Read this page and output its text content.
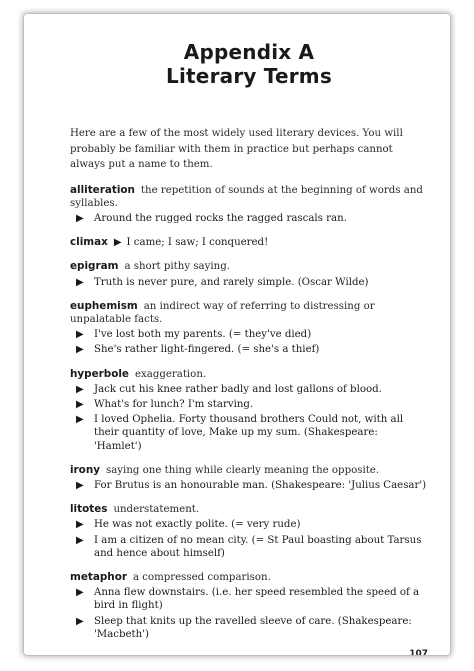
Appendix A
Literary Terms

Here are a few of the most widely used literary devices. You will probably be familiar with them in practice but perhaps cannot always put a name to them.

alliteration the repetition of sounds at the beginning of words and syllables.
▶ Around the rugged rocks the ragged rascals ran.
climax ▶ I came; I saw; I conquered!
epigram a short pithy saying.
▶ Truth is never pure, and rarely simple. (Oscar Wilde)
euphemism an indirect way of referring to distressing or unpalatable facts.
▶ I've lost both my parents. (= they've died)
▶ She's rather light-fingered. (= she's a thief)
hyperbole exaggeration.
▶ Jack cut his knee rather badly and lost gallons of blood.
▶ What's for lunch? I'm starving.
▶ I loved Ophelia. Forty thousand brothers Could not, with all their quantity of love, Make up my sum. (Shakespeare: 'Hamlet')
irony saying one thing while clearly meaning the opposite.
▶ For Brutus is an honourable man. (Shakespeare: 'Julius Caesar')
litotes understatement.
▶ He was not exactly polite. (= very rude)
▶ I am a citizen of no mean city. (= St Paul boasting about Tarsus and hence about himself)
metaphor a compressed comparison.
▶ Anna flew downstairs. (i.e. her speed resembled the speed of a bird in flight)
▶ Sleep that knits up the ravelled sleeve of care. (Shakespeare: 'Macbeth')
107
